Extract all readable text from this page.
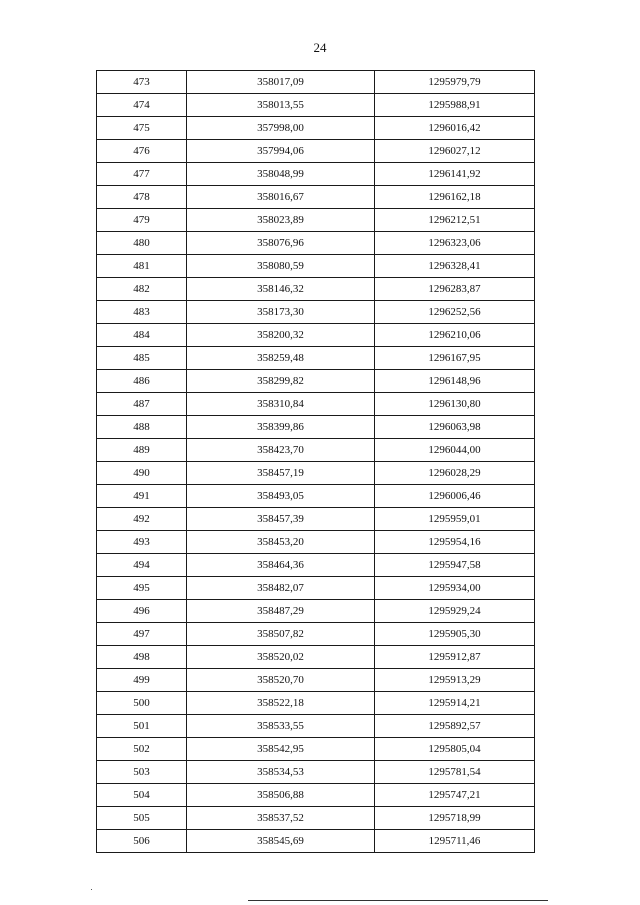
24
473	358017,09	1295979,79
474	358013,55	1295988,91
475	357998,00	1296016,42
476	357994,06	1296027,12
477	358048,99	1296141,92
478	358016,67	1296162,18
479	358023,89	1296212,51
480	358076,96	1296323,06
481	358080,59	1296328,41
482	358146,32	1296283,87
483	358173,30	1296252,56
484	358200,32	1296210,06
485	358259,48	1296167,95
486	358299,82	1296148,96
487	358310,84	1296130,80
488	358399,86	1296063,98
489	358423,70	1296044,00
490	358457,19	1296028,29
491	358493,05	1296006,46
492	358457,39	1295959,01
493	358453,20	1295954,16
494	358464,36	1295947,58
495	358482,07	1295934,00
496	358487,29	1295929,24
497	358507,82	1295905,30
498	358520,02	1295912,87
499	358520,70	1295913,29
500	358522,18	1295914,21
501	358533,55	1295892,57
502	358542,95	1295805,04
503	358534,53	1295781,54
504	358506,88	1295747,21
505	358537,52	1295718,99
506	358545,69	1295711,46
